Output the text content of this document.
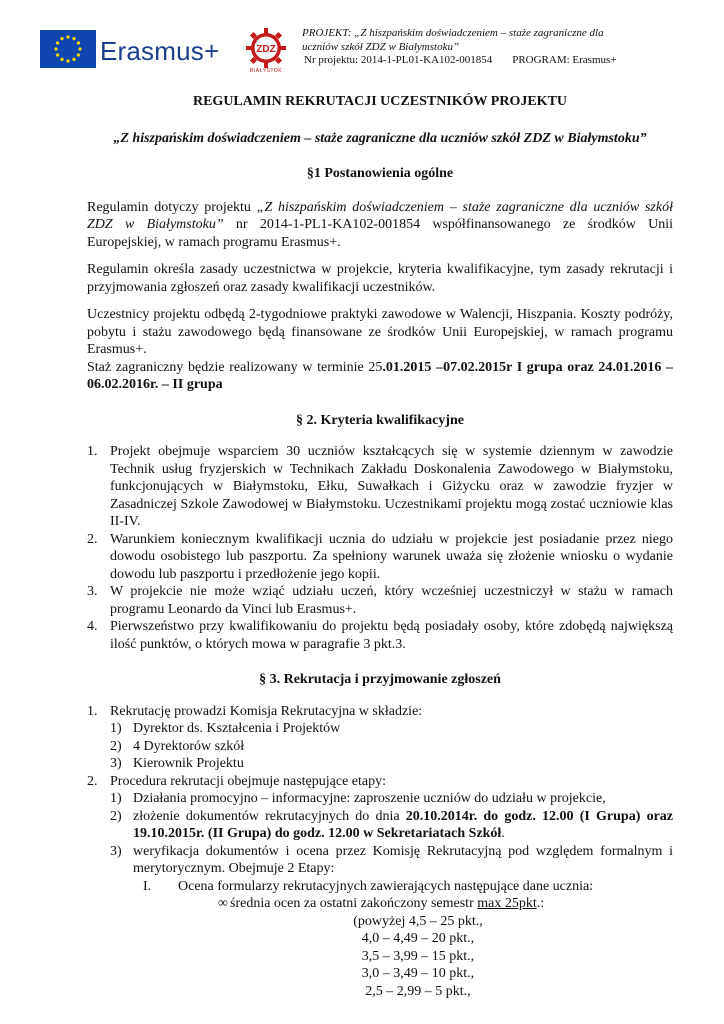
Erasmus+	ZDZ
BIAŁYSTOK
PROJEKT: „Z hiszpańskim doświadczeniem – staże zagraniczne dla
uczniów szkół ZDZ w Białymstoku”
Nr projektu: 2014-1-PL01-KA102-001854 PROGRAM: Erasmus+

REGULAMIN REKRUTACJI UCZESTNIKÓW PROJEKTU

„Z hiszpańskim doświadczeniem – staże zagraniczne dla uczniów szkół ZDZ w Białymstoku”

§1 Postanowienia ogólne

Regulamin dotyczy projektu „Z hiszpańskim doświadczeniem – staże zagraniczne dla uczniów szkół ZDZ w Białymstoku” nr 2014-1-PL1-KA102-001854 współfinansowanego ze środków Unii Europejskiej, w ramach programu Erasmus+.

Regulamin określa zasady uczestnictwa w projekcie, kryteria kwalifikacyjne, tym zasady rekrutacji i przyjmowania zgłoszeń oraz zasady kwalifikacji uczestników.

Uczestnicy projektu odbędą 2-tygodniowe praktyki zawodowe w Walencji, Hiszpania. Koszty podróży, pobytu i stażu zawodowego będą finansowane ze środków Unii Europejskiej, w ramach programu Erasmus+.

Staż zagraniczny będzie realizowany w terminie 25.01.2015 –07.02.2015r I grupa oraz 24.01.2016 – 06.02.2016r. – II grupa

§ 2. Kryteria kwalifikacyjne

1. Projekt obejmuje wsparciem 30 uczniów kształcących się w systemie dziennym w zawodzie Technik usług fryzjerskich w Technikach Zakładu Doskonalenia Zawodowego w Białymstoku, funkcjonujących w Białymstoku, Ełku, Suwałkach i Giżycku oraz w zawodzie fryzjer w Zasadniczej Szkole Zawodowej w Białymstoku. Uczestnikami projektu mogą zostać uczniowie klas II-IV.
2. Warunkiem koniecznym kwalifikacji ucznia do udziału w projekcie jest posiadanie przez niego dowodu osobistego lub paszportu. Za spełniony warunek uważa się złożenie wniosku o wydanie dowodu lub paszportu i przedłożenie jego kopii.
3. W projekcie nie może wziąć udziału uczeń, który wcześniej uczestniczył w stażu w ramach programu Leonardo da Vinci lub Erasmus+.
4. Pierwszeństwo przy kwalifikowaniu do projektu będą posiadały osoby, które zdobędą największą ilość punktów, o których mowa w paragrafie 3 pkt.3.

§ 3. Rekrutacja i przyjmowanie zgłoszeń

1. Rekrutację prowadzi Komisja Rekrutacyjna w składzie:
1) Dyrektor ds. Kształcenia i Projektów
2) 4 Dyrektorów szkół
3) Kierownik Projektu
2. Procedura rekrutacji obejmuje następujące etapy:
1) Działania promocyjno – informacyjne: zaproszenie uczniów do udziału w projekcie,
2) złożenie dokumentów rekrutacyjnych do dnia 20.10.2014r. do godz. 12.00 (I Grupa) oraz 19.10.2015r. (II Grupa) do godz. 12.00 w Sekretariatach Szkół.
3) weryfikacja dokumentów i ocena przez Komisję Rekrutacyjną pod względem formalnym i merytorycznym. Obejmuje 2 Etapy:
I. Ocena formularzy rekrutacyjnych zawierających następujące dane ucznia:
∞ średnia ocen za ostatni zakończony semestr max 25pkt.:
(powyżej 4,5 – 25 pkt.,
4,0 – 4,49 – 20 pkt.,
3,5 – 3,99 – 15 pkt.,
3,0 – 3,49 – 10 pkt.,
2,5 – 2,99 – 5 pkt.,
